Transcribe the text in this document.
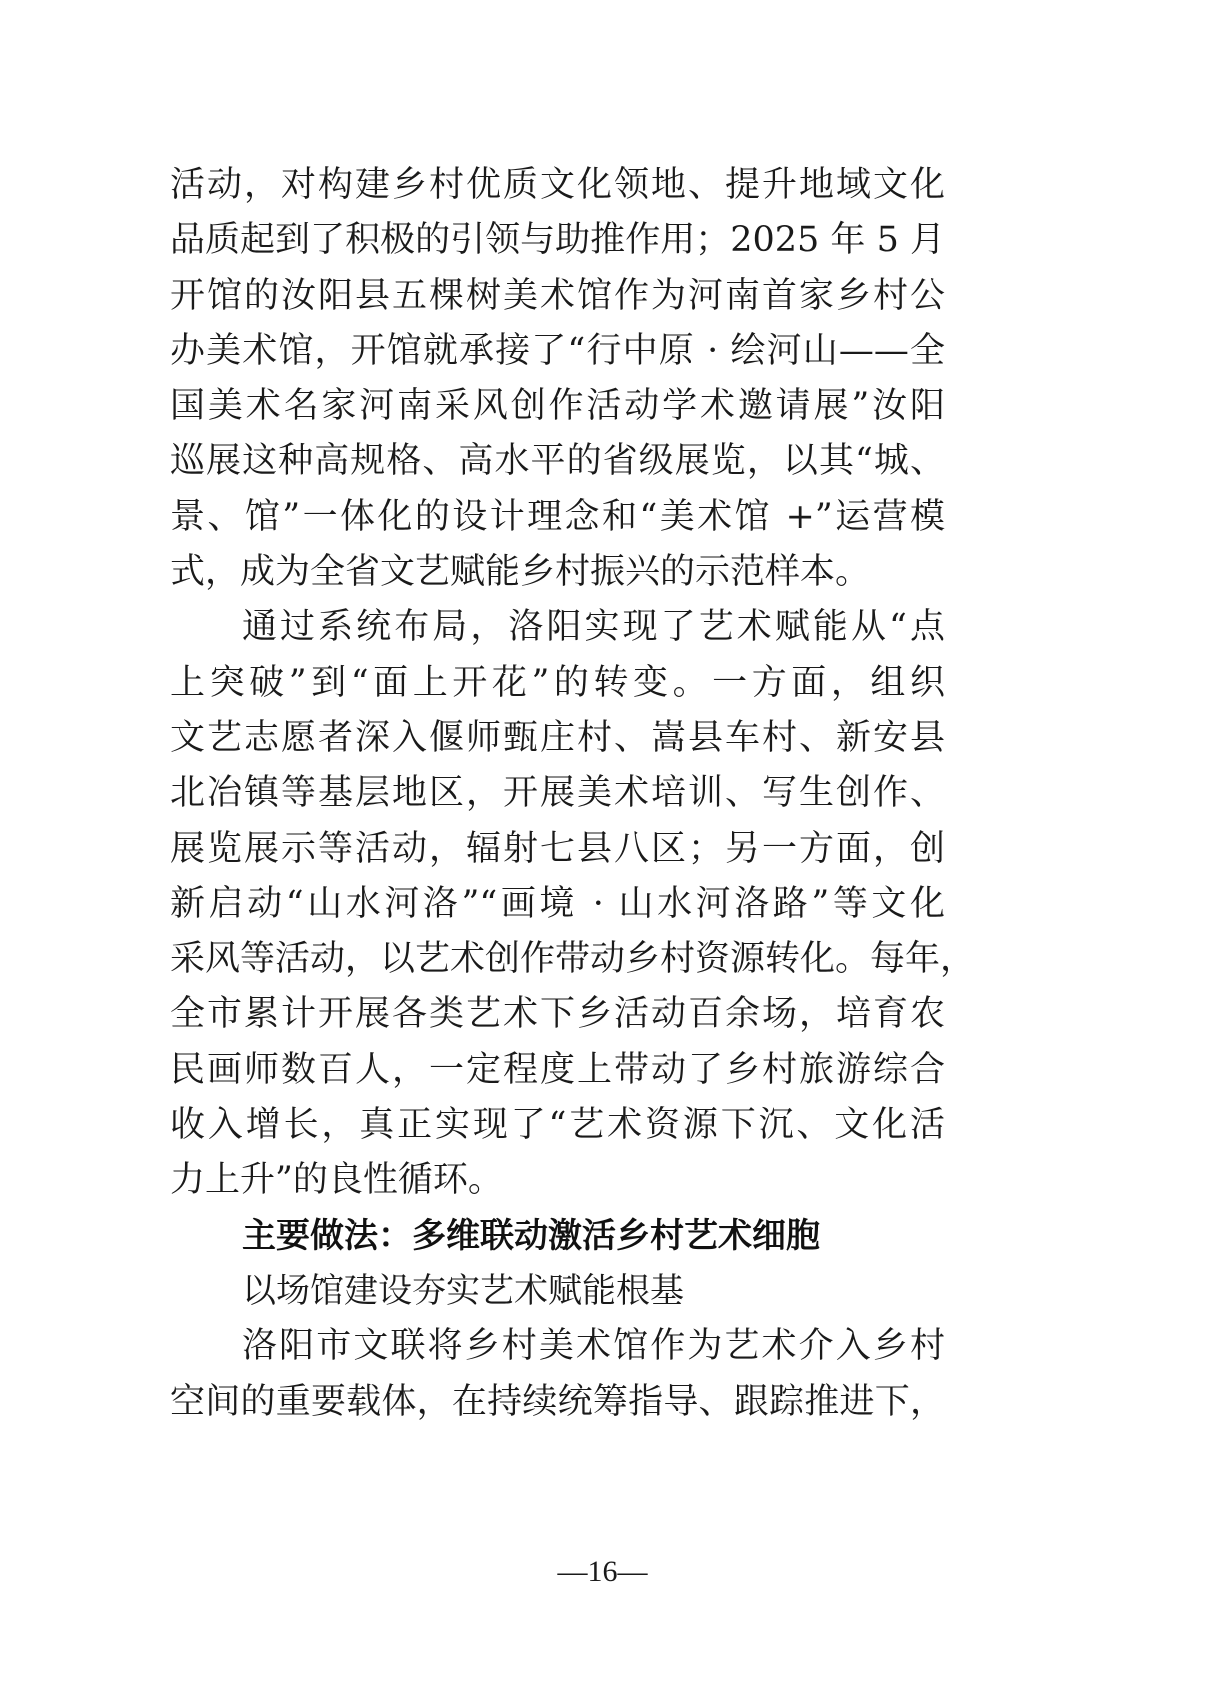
活动，对构建乡村优质文化领地、提升地域文化
品质起到了积极的引领与助推作用；2025 年 5 月
开馆的汝阳县五棵树美术馆作为河南首家乡村公
办美术馆，开馆就承接了“行中原 · 绘河山——全
国美术名家河南采风创作活动学术邀请展”汝阳
巡展这种高规格、高水平的省级展览，以其“城、
景、馆”一体化的设计理念和“美术馆 +”运营模
式，成为全省文艺赋能乡村振兴的示范样本。
通过系统布局，洛阳实现了艺术赋能从“点
上突破”到“面上开花”的转变。一方面，组织
文艺志愿者深入偃师甄庄村、嵩县车村、新安县
北冶镇等基层地区，开展美术培训、写生创作、
展览展示等活动，辐射七县八区；另一方面，创
新启动“山水河洛”“画境 · 山水河洛路”等文化
采风等活动，以艺术创作带动乡村资源转化。每年，
全市累计开展各类艺术下乡活动百余场，培育农
民画师数百人，一定程度上带动了乡村旅游综合
收入增长，真正实现了“艺术资源下沉、文化活
力上升”的良性循环。
主要做法：多维联动激活乡村艺术细胞
以场馆建设夯实艺术赋能根基
洛阳市文联将乡村美术馆作为艺术介入乡村
空间的重要载体，在持续统筹指导、跟踪推进下，
—16—
